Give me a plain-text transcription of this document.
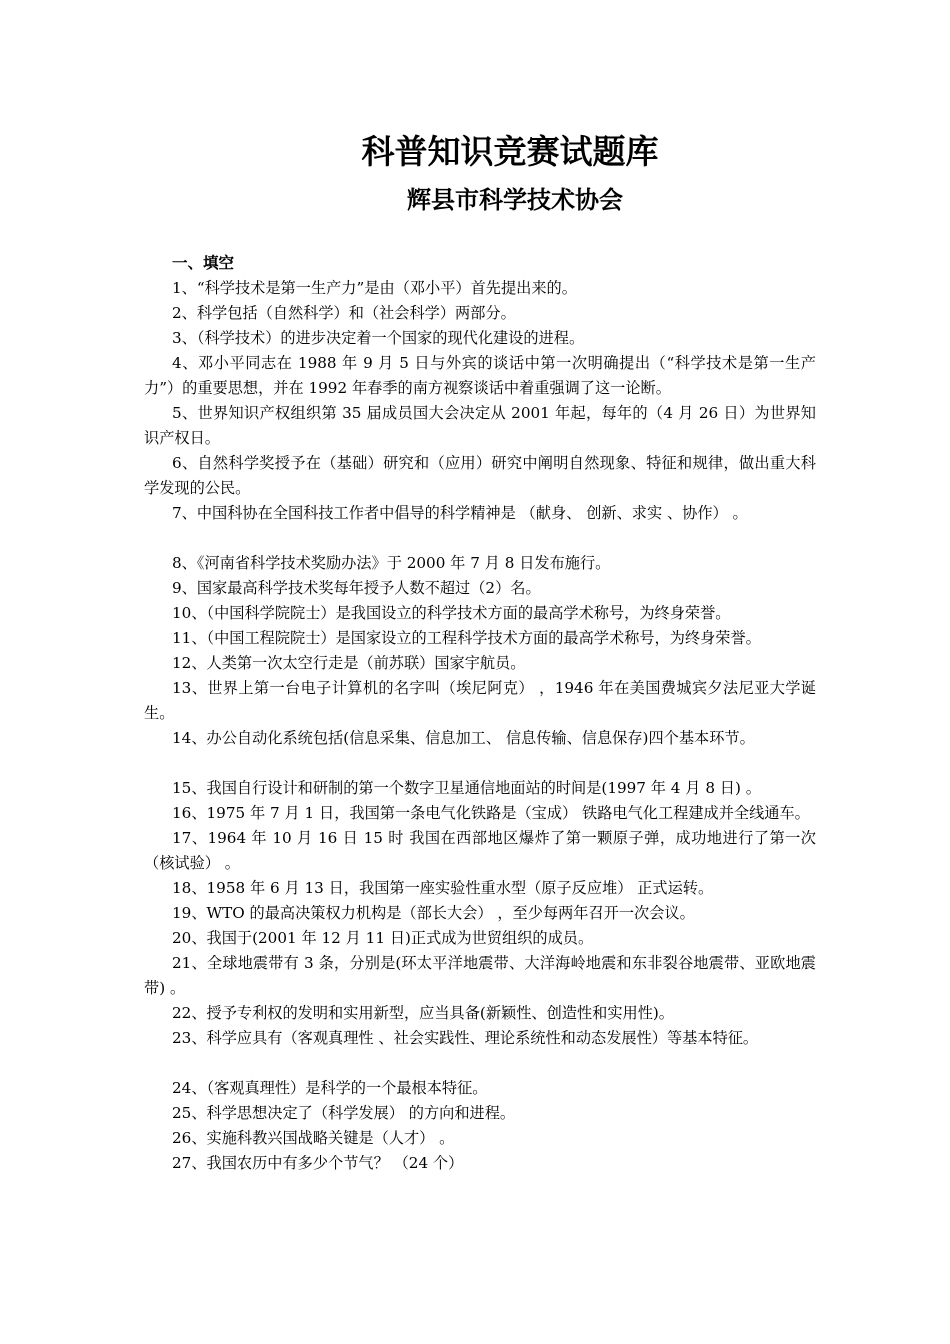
科普知识竞赛试题库
辉县市科学技术协会
一、填空

1、“科学技术是第一生产力”是由（邓小平）首先提出来的。

2、科学包括（自然科学）和（社会科学）两部分。

3、（科学技术）的进步决定着一个国家的现代化建设的进程。

4、邓小平同志在 1988 年 9 月 5 日与外宾的谈话中第一次明确提出（“科学技术是第一生产力”）的重要思想，并在 1992 年春季的南方视察谈话中着重强调了这一论断。

5、世界知识产权组织第 35 届成员国大会决定从 2001 年起，每年的（4 月 26 日）为世界知识产权日。

6、自然科学奖授予在（基础）研究和（应用）研究中阐明自然现象、特征和规律，做出重大科学发现的公民。

7、中国科协在全国科技工作者中倡导的科学精神是 （献身、 创新、求实 、协作） 。

8、《河南省科学技术奖励办法》于 2000 年 7 月 8 日发布施行。

9、国家最高科学技术奖每年授予人数不超过（2）名。

10、（中国科学院院士）是我国设立的科学技术方面的最高学术称号，为终身荣誉。

11、（中国工程院院士）是国家设立的工程科学技术方面的最高学术称号，为终身荣誉。

12、人类第一次太空行走是（前苏联）国家宇航员。

13、世界上第一台电子计算机的名字叫（埃尼阿克） ，1946 年在美国费城宾夕法尼亚大学诞生。

14、办公自动化系统包括(信息采集、信息加工、 信息传输、信息保存)四个基本环节。

15、我国自行设计和研制的第一个数字卫星通信地面站的时间是(1997 年 4 月 8 日) 。

16、1975 年 7 月 1 日，我国第一条电气化铁路是（宝成） 铁路电气化工程建成并全线通车。

17、1964 年 10 月 16 日 15 时 我国在西部地区爆炸了第一颗原子弹，成功地进行了第一次（核试验） 。

18、1958 年 6 月 13 日，我国第一座实验性重水型（原子反应堆） 正式运转。

19、WTO 的最高决策权力机构是（部长大会） ，至少每两年召开一次会议。

20、我国于(2001 年 12 月 11 日)正式成为世贸组织的成员。

21、全球地震带有 3 条，分别是(环太平洋地震带、大洋海岭地震和东非裂谷地震带、亚欧地震带) 。

22、授予专利权的发明和实用新型，应当具备(新颖性、创造性和实用性)。

23、科学应具有（客观真理性 、社会实践性、理论系统性和动态发展性）等基本特征。

24、（客观真理性）是科学的一个最根本特征。

25、科学思想决定了（科学发展） 的方向和进程。

26、实施科教兴国战略关键是（人才） 。

27、我国农历中有多少个节气？ （24 个）
